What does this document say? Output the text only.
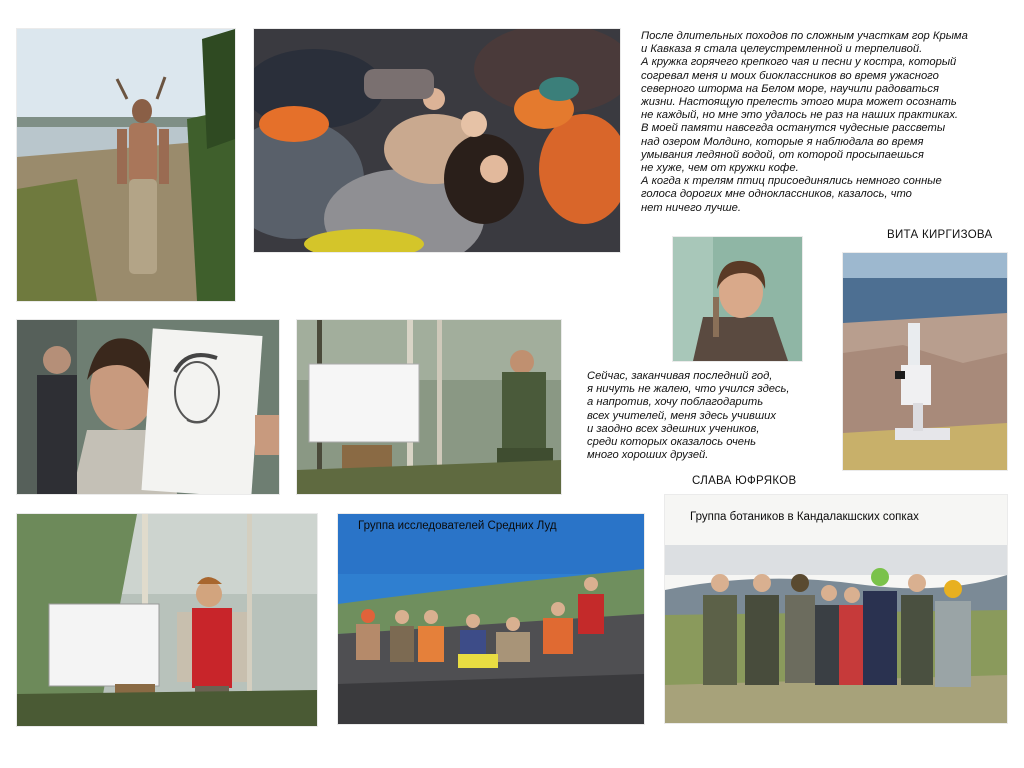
После длительных походов по сложным участкам гор Крыма
и Кавказа я стала целеустремленной и терпеливой.
А кружка горячего крепкого чая и песни у костра, который
согревал меня и моих биоклассников во время ужасного
северного шторма на Белом море, научили радоваться
жизни. Настоящую прелесть этого мира может осознать
не каждый, но мне это удалось не раз на наших практиках.
В моей памяти навсегда останутся чудесные рассветы
над озером Молдино, которые я наблюдала во время
умывания ледяной водой, от которой просыпаешься
не хуже, чем от кружки кофе.
А когда к трелям птиц присоединялись немного сонные
голоса дорогих мне одноклассников, казалось, что
нет ничего лучше.

ВИТА КИРГИЗОВА

Сейчас, заканчивая последний год,
я ничуть не жалею, что учился здесь,
а напротив, хочу поблагодарить
всех учителей, меня здесь учивших
и заодно всех здешних учеников,
среди которых оказалось очень
много хороших друзей.

СЛАВА ЮФРЯКОВ

Группа исследователей Средних Луд

Группа ботаников в Кандалакшских сопках
